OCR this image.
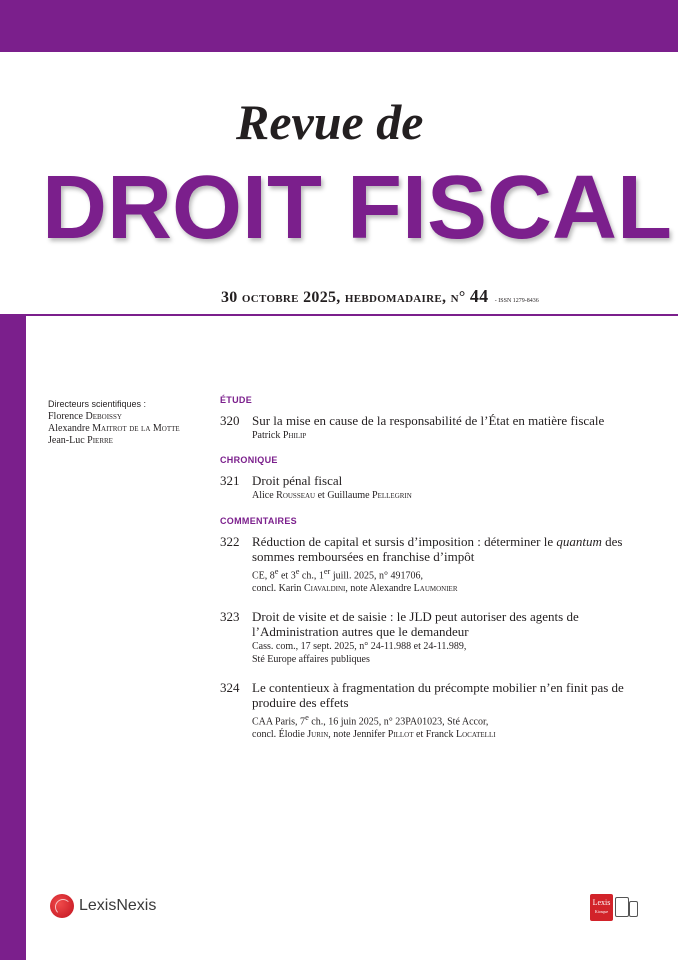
Revue de
DROIT FISCAL
30 octobre 2025, hebdomadaire, n° 44 - ISSN 1279-8436
Directeurs scientifiques :
Florence Deboissy
Alexandre Maitrot de la Motte
Jean-Luc Pierre
ÉTUDE
320 Sur la mise en cause de la responsabilité de l’État en matière fiscale
Patrick Philip
CHRONIQUE
321 Droit pénal fiscal
Alice Rousseau et Guillaume Pellegrin
COMMENTAIRES
322 Réduction de capital et sursis d’imposition : déterminer le quantum des sommes remboursées en franchise d’impôt
CE, 8e et 3e ch., 1er juill. 2025, n° 491706,
concl. Karin Ciavaldini, note Alexandre Laumonier
323 Droit de visite et de saisie : le JLD peut autoriser des agents de l’Administration autres que le demandeur
Cass. com., 17 sept. 2025, n° 24-11.988 et 24-11.989,
Sté Europe affaires publiques
324 Le contentieux à fragmentation du précompte mobilier n’en finit pas de produire des effets
CAA Paris, 7e ch., 16 juin 2025, n° 23PA01023, Sté Accor,
concl. Élodie Jurin, note Jennifer Pillot et Franck Locatelli
LexisNexis	Lexis
Kiosque
